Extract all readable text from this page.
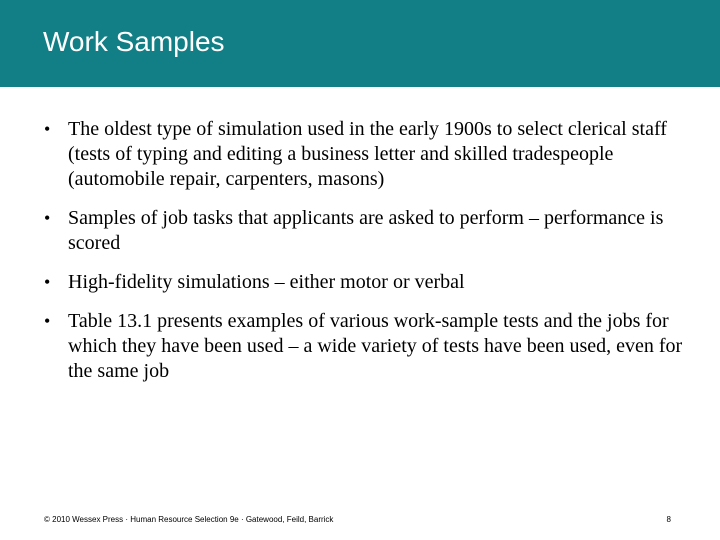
Work Samples
• The oldest type of simulation used in the early 1900s to select clerical staff (tests of typing and editing a business letter and skilled tradespeople (automobile repair, carpenters, masons)
• Samples of job tasks that applicants are asked to perform – performance is scored
• High-fidelity simulations – either motor or verbal
• Table 13.1 presents examples of various work-sample tests and the jobs for which they have been used – a wide variety of tests have been used, even for the same job
© 2010 Wessex Press · Human Resource Selection 9e · Gatewood, Feild, Barrick	8
